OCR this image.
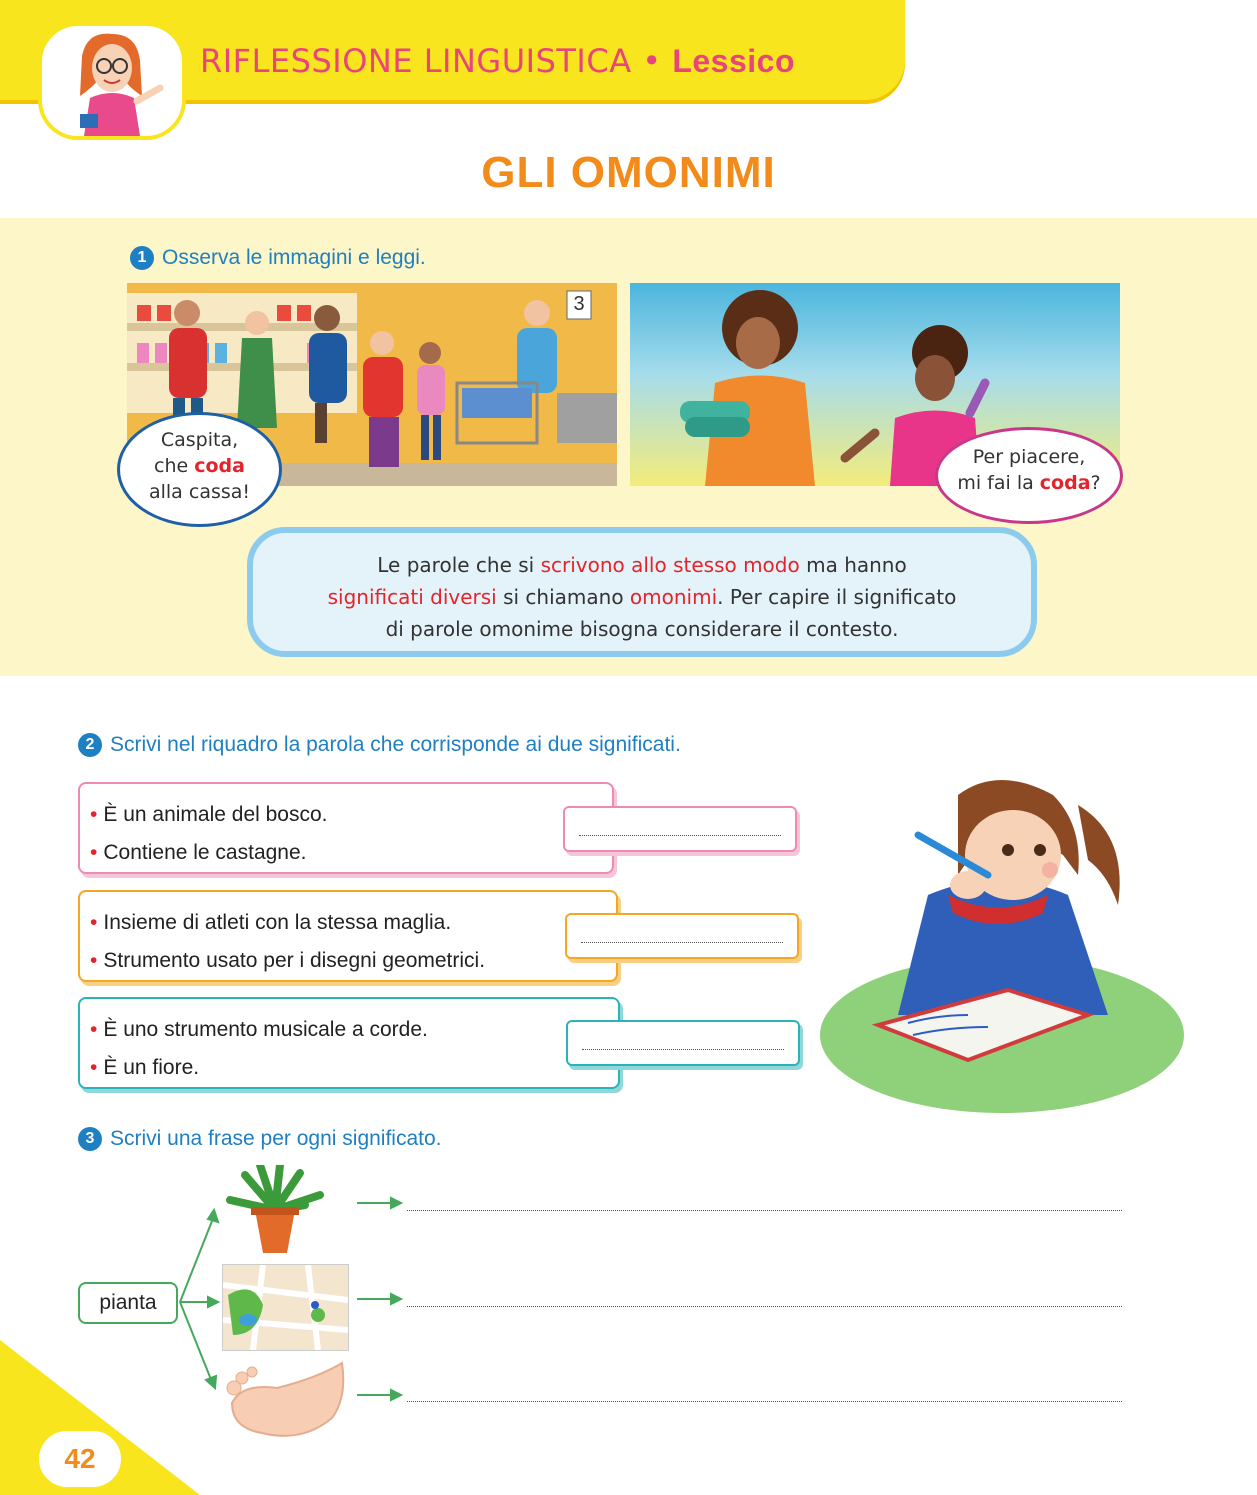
RIFLESSIONE LINGUISTICA • Lessico
GLI OMONIMI
1 Osserva le immagini e leggi.
3
Caspita,
che coda
alla cassa!
Per piacere,
mi fai la coda?
Le parole che si scrivono allo stesso modo ma hanno
significati diversi si chiamano omonimi. Per capire il significato
di parole omonime bisogna considerare il contesto.
2 Scrivi nel riquadro la parola che corrisponde ai due significati.
• È un animale del bosco.
• Contiene le castagne.
• Insieme di atleti con la stessa maglia.
• Strumento usato per i disegni geometrici.
• È uno strumento musicale a corde.
• È un fiore.
3 Scrivi una frase per ogni significato.
pianta
42
